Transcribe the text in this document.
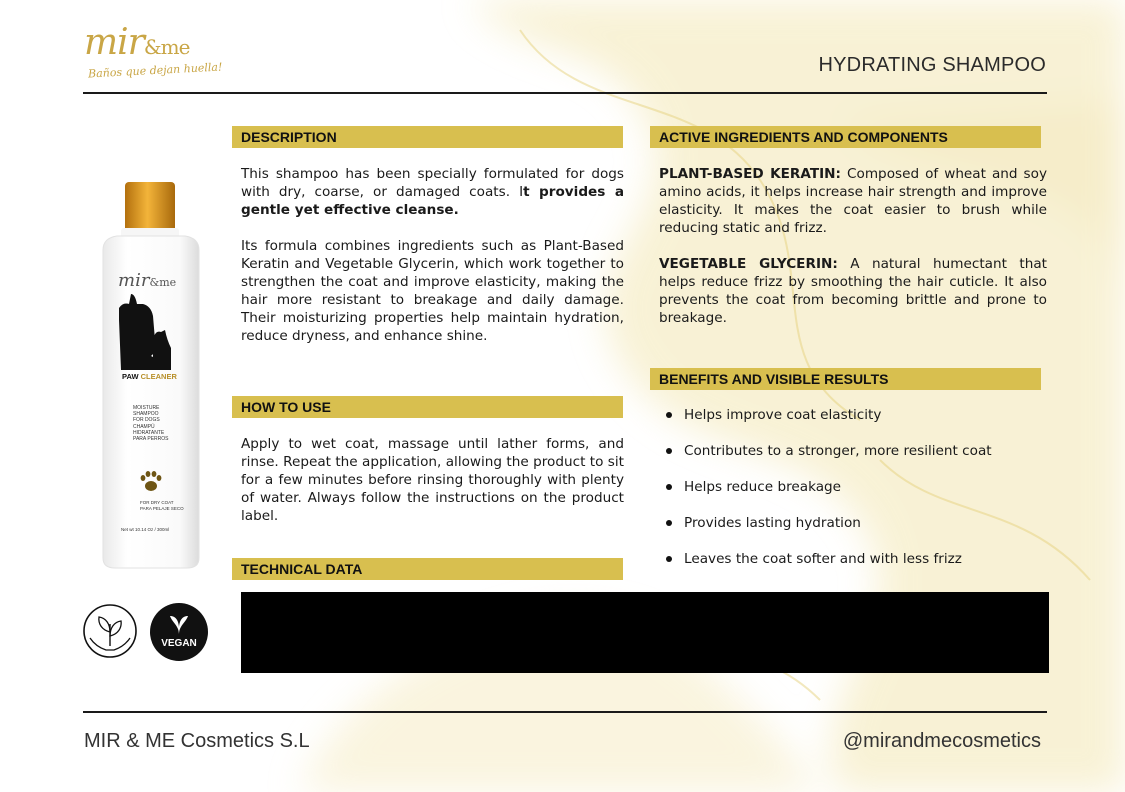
mir&me
Baños que dejan huella!	HYDRATING SHAMPOO
mir&me
PAW CLEANER
MOISTURE
SHAMPOO
FOR DOGS
CHAMPÚ
HIDRATANTE
PARA PERROS
FOR DRY COAT
PARA PELAJE SECO
Net wt 10.14 Oz / 300ml
VEGAN
DESCRIPTION

This shampoo has been specially formulated for dogs with dry, coarse, or damaged coats. It provides a gentle yet effective cleanse.

Its formula combines ingredients such as Plant-Based Keratin and Vegetable Glycerin, which work together to strengthen the coat and improve elasticity, making the hair more resistant to breakage and daily damage. Their moisturizing properties help maintain hydration, reduce dryness, and enhance shine.

HOW TO USE

Apply to wet coat, massage until lather forms, and rinse. Repeat the application, allowing the product to sit for a few minutes before rinsing thoroughly with plenty of water. Always follow the instructions on the product label.

TECHNICAL DATA
ACTIVE INGREDIENTS AND COMPONENTS

PLANT-BASED KERATIN: Composed of wheat and soy amino acids, it helps increase hair strength and improve elasticity. It makes the coat easier to brush while reducing static and frizz.

VEGETABLE GLYCERIN: A natural humectant that helps reduce frizz by smoothing the hair cuticle. It also prevents the coat from becoming brittle and prone to breakage.

BENEFITS AND VISIBLE RESULTS
Helps improve coat elasticity
Contributes to a stronger, more resilient coat
Helps reduce breakage
Provides lasting hydration
Leaves the coat softer and with less frizz
MIR & ME Cosmetics S.L	@mirandmecosmetics
